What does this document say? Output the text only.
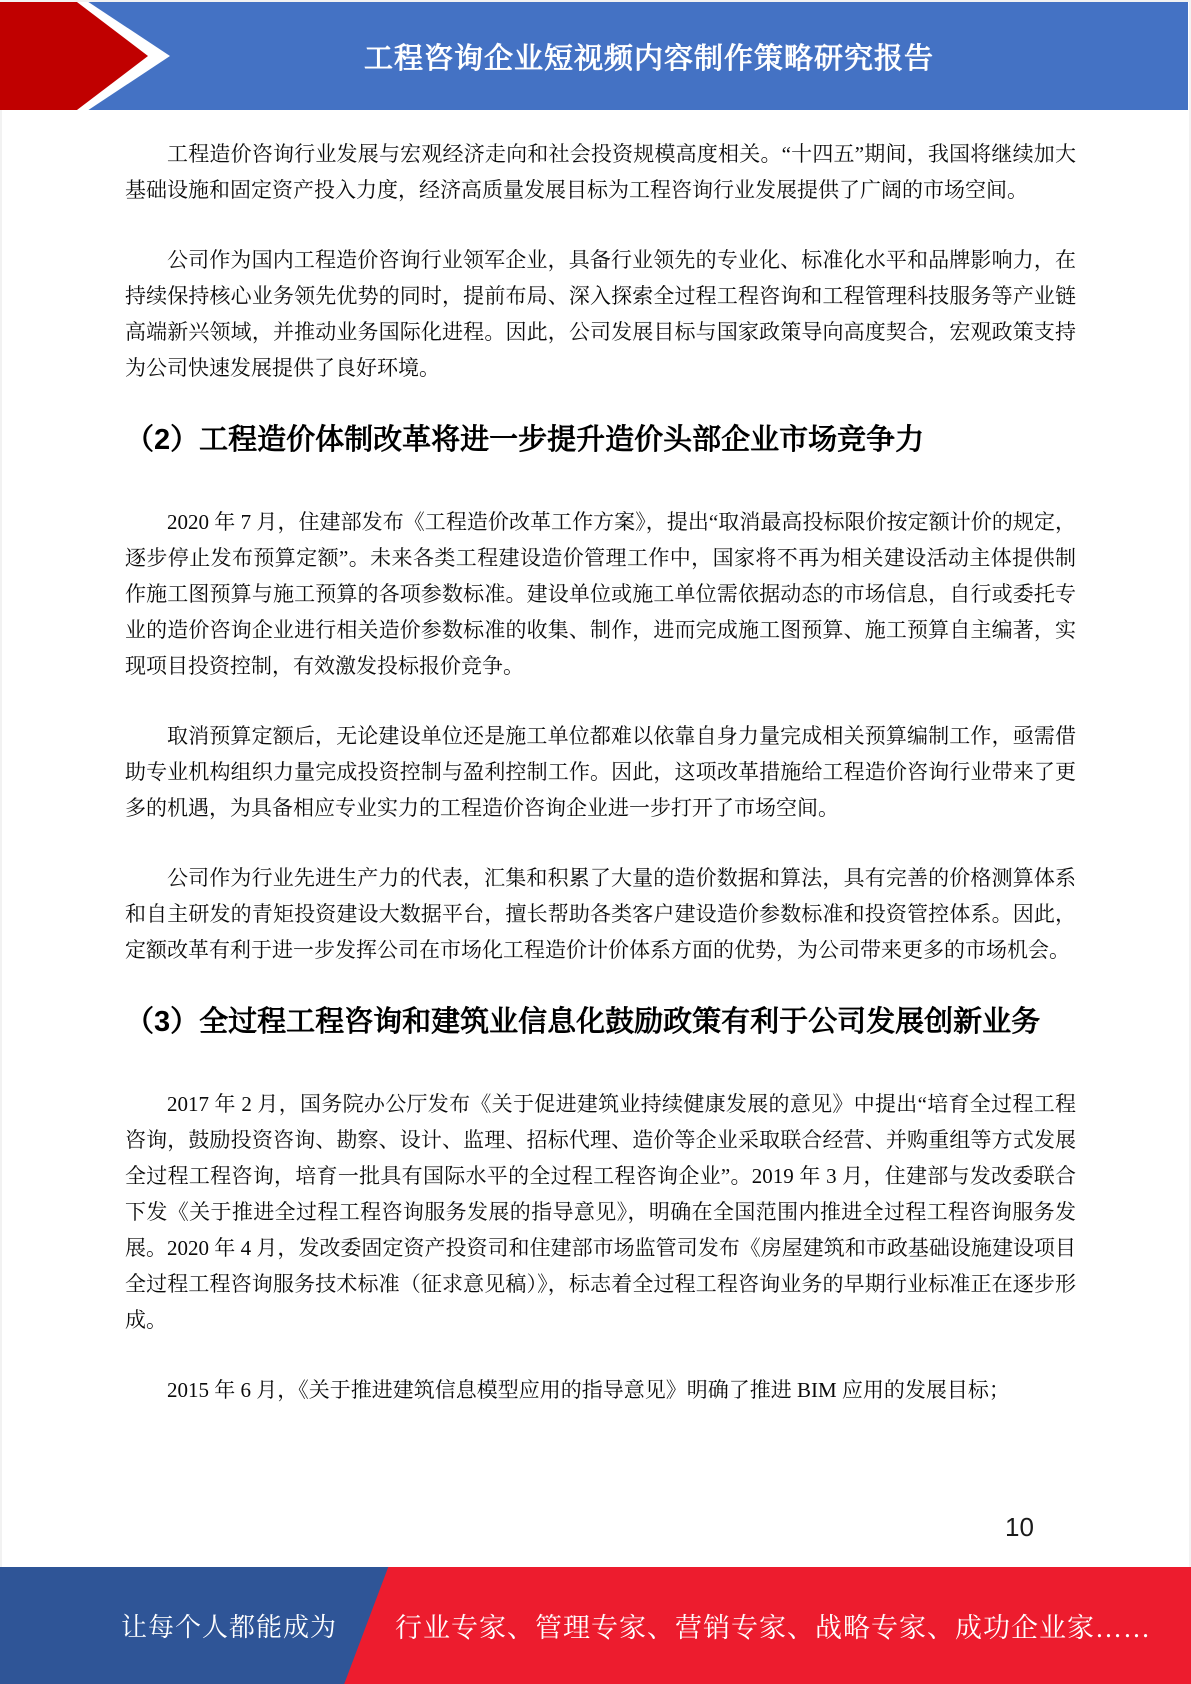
工程咨询企业短视频内容制作策略研究报告

工程造价咨询行业发展与宏观经济走向和社会投资规模高度相关。“十四五”期间，我国将继续加大基础设施和固定资产投入力度，经济高质量发展目标为工程咨询行业发展提供了广阔的市场空间。

公司作为国内工程造价咨询行业领军企业，具备行业领先的专业化、标准化水平和品牌影响力，在持续保持核心业务领先优势的同时，提前布局、深入探索全过程工程咨询和工程管理科技服务等产业链高端新兴领域，并推动业务国际化进程。因此，公司发展目标与国家政策导向高度契合，宏观政策支持为公司快速发展提供了良好环境。

（2）工程造价体制改革将进一步提升造价头部企业市场竞争力

2020 年 7 月，住建部发布《工程造价改革工作方案》，提出“取消最高投标限价按定额计价的规定，逐步停止发布预算定额”。未来各类工程建设造价管理工作中，国家将不再为相关建设活动主体提供制作施工图预算与施工预算的各项参数标准。建设单位或施工单位需依据动态的市场信息，自行或委托专业的造价咨询企业进行相关造价参数标准的收集、制作，进而完成施工图预算、施工预算自主编著，实现项目投资控制，有效激发投标报价竞争。

取消预算定额后，无论建设单位还是施工单位都难以依靠自身力量完成相关预算编制工作，亟需借助专业机构组织力量完成投资控制与盈利控制工作。因此，这项改革措施给工程造价咨询行业带来了更多的机遇，为具备相应专业实力的工程造价咨询企业进一步打开了市场空间。

公司作为行业先进生产力的代表，汇集和积累了大量的造价数据和算法，具有完善的价格测算体系和自主研发的青矩投资建设大数据平台，擅长帮助各类客户建设造价参数标准和投资管控体系。因此，定额改革有利于进一步发挥公司在市场化工程造价计价体系方面的优势，为公司带来更多的市场机会。

（3）全过程工程咨询和建筑业信息化鼓励政策有利于公司发展创新业务

2017 年 2 月，国务院办公厅发布《关于促进建筑业持续健康发展的意见》中提出“培育全过程工程咨询，鼓励投资咨询、勘察、设计、监理、招标代理、造价等企业采取联合经营、并购重组等方式发展全过程工程咨询，培育一批具有国际水平的全过程工程咨询企业”。2019 年 3 月，住建部与发改委联合下发《关于推进全过程工程咨询服务发展的指导意见》，明确在全国范围内推进全过程工程咨询服务发展。2020 年 4 月，发改委固定资产投资司和住建部市场监管司发布《房屋建筑和市政基础设施建设项目全过程工程咨询服务技术标准（征求意见稿）》，标志着全过程工程咨询业务的早期行业标准正在逐步形成。

2015 年 6 月，《关于推进建筑信息模型应用的指导意见》明确了推进 BIM 应用的发展目标；

10
让每个人都能成为 行业专家、管理专家、营销专家、战略专家、成功企业家……
